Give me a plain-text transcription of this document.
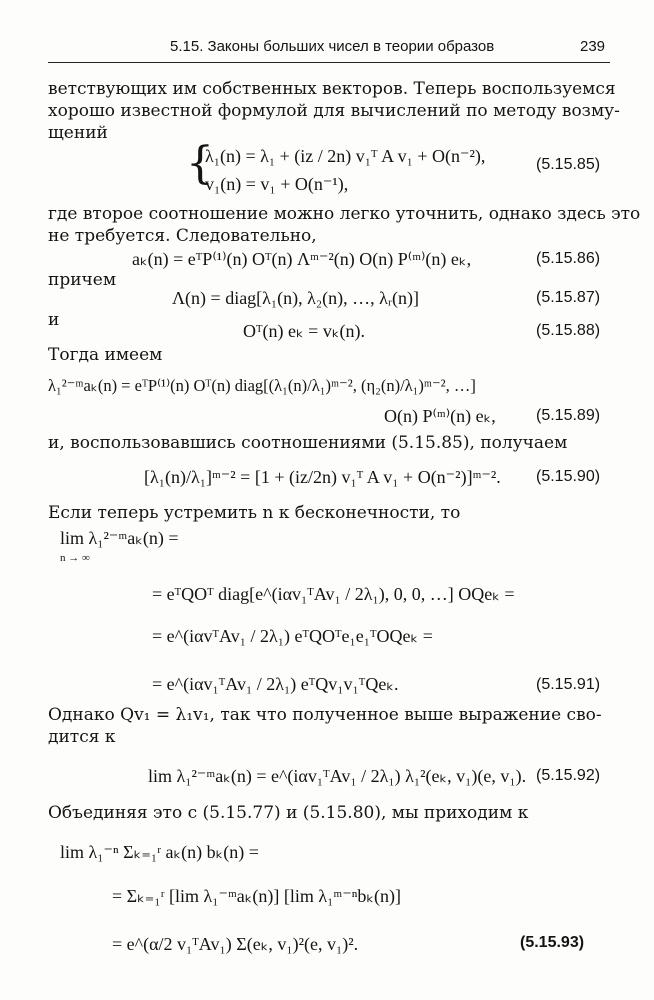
5.15. Законы больших чисел в теории образов	239
ветствующих им собственных векторов. Теперь воспользуемся
хорошо известной формулой для вычислений по методу возму-
щений
{
λ₁(n) = λ₁ + (iz / 2n) v₁ᵀ A v₁ + O(n⁻²),
v₁(n) = v₁ + O(n⁻¹),
(5.15.85)
где второе соотношение можно легко уточнить, однако здесь это
не требуется. Следовательно,
aₖ(n) = eᵀP⁽¹⁾(n) Oᵀ(n) Λᵐ⁻²(n) O(n) P⁽ᵐ⁾(n) eₖ,	(5.15.86)
причем
Λ(n) = diag[λ₁(n), λ₂(n), …, λᵣ(n)]	(5.15.87)
и
Oᵀ(n) eₖ = vₖ(n).	(5.15.88)
Тогда имеем
λ₁²⁻ᵐaₖ(n) = eᵀP⁽¹⁾(n) Oᵀ(n) diag[(λ₁(n)/λ₁)ᵐ⁻², (η₂(n)/λ₁)ᵐ⁻², …]
O(n) P⁽ᵐ⁾(n) eₖ,	(5.15.89)
и, воспользовавшись соотношениями (5.15.85), получаем
[λ₁(n)/λ₁]ᵐ⁻² = [1 + (iz/2n) v₁ᵀ A v₁ + O(n⁻²)]ᵐ⁻². (5.15.90)
Если теперь устремить n к бесконечности, то
lim λ₁²⁻ᵐaₖ(n) =
n → ∞
= eᵀQOᵀ diag[e^(iαv₁ᵀAv₁ / 2λ₁), 0, 0, …] OQeₖ =
= e^(iαvᵀAv₁ / 2λ₁) eᵀQOᵀe₁e₁ᵀOQeₖ =
= e^(iαv₁ᵀAv₁ / 2λ₁) eᵀQv₁v₁ᵀQeₖ.	(5.15.91)
Однако Qv₁ = λ₁v₁, так что полученное выше выражение сво-
дится к
lim λ₁²⁻ᵐaₖ(n) = e^(iαv₁ᵀAv₁ / 2λ₁) λ₁²(eₖ, v₁)(e, v₁). (5.15.92)
Объединяя это с (5.15.77) и (5.15.80), мы приходим к
lim λ₁⁻ⁿ Σₖ₌₁ʳ aₖ(n) bₖ(n) =
= Σₖ₌₁ʳ [lim λ₁⁻ᵐaₖ(n)] [lim λ₁ᵐ⁻ⁿbₖ(n)]
= e^(α/2 v₁ᵀAv₁) Σ(eₖ, v₁)²(e, v₁)².	(5.15.93)
